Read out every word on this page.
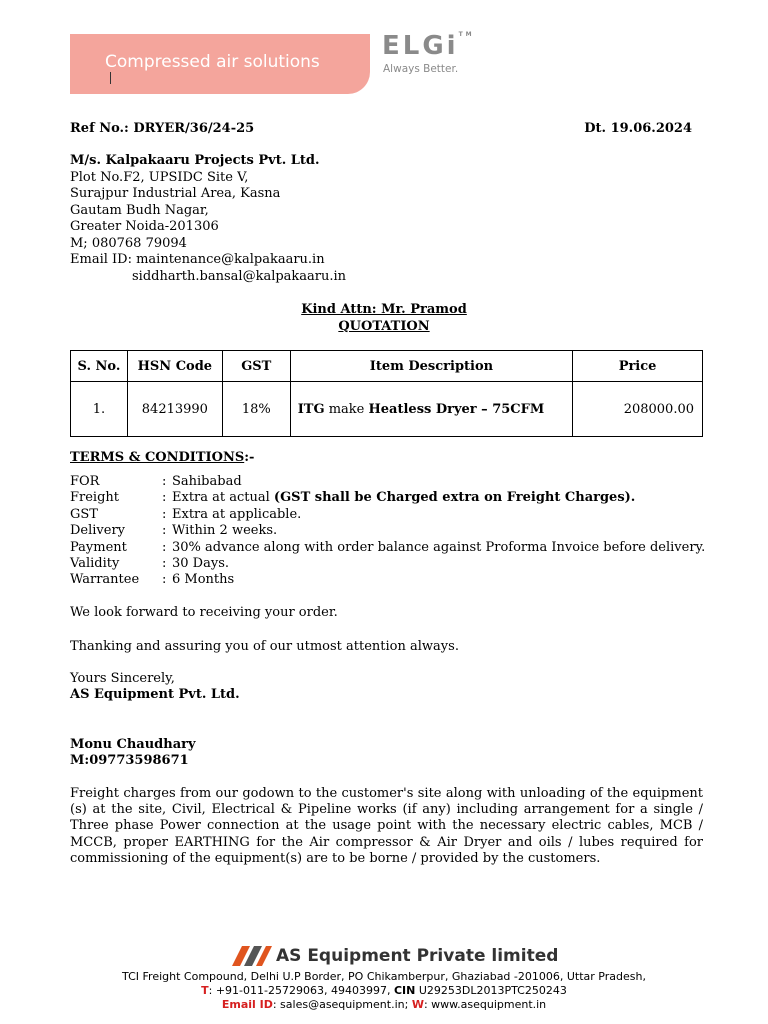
Compressed air solutions
ELGi™
Always Better.
Ref No.: DRYER/36/24-25	Dt. 19.06.2024
M/s. Kalpakaaru Projects Pvt. Ltd.
Plot No.F2, UPSIDC Site V,
Surajpur Industrial Area, Kasna
Gautam Budh Nagar,
Greater Noida-201306
M; 080768 79094
Email ID: maintenance@kalpakaaru.in
siddharth.bansal@kalpakaaru.in
Kind Attn: Mr. Pramod
QUOTATION
S. No.	HSN Code	GST	Item Description	Price
1.	84213990	18%	ITG make Heatless Dryer – 75CFM	208000.00
TERMS & CONDITIONS:-
FOR	: Sahibabad
Freight	: Extra at actual (GST shall be Charged extra on Freight Charges).
GST	: Extra at applicable.
Delivery	: Within 2 weeks.
Payment	: 30% advance along with order balance against Proforma Invoice before delivery.
Validity	: 30 Days.
Warrantee	: 6 Months
We look forward to receiving your order.
Thanking and assuring you of our utmost attention always.
Yours Sincerely,
AS Equipment Pvt. Ltd.
Monu Chaudhary
M:09773598671
Freight charges from our godown to the customer's site along with unloading of the equipment (s) at the site, Civil, Electrical & Pipeline works (if any) including arrangement for a single / Three phase Power connection at the usage point with the necessary electric cables, MCB / MCCB, proper EARTHING for the Air compressor & Air Dryer and oils / lubes required for commissioning of the equipment(s) are to be borne / provided by the customers.
AS Equipment Private limited
TCI Freight Compound, Delhi U.P Border, PO Chikamberpur, Ghaziabad -201006, Uttar Pradesh,
T: +91-011-25729063, 49403997, CIN U29253DL2013PTC250243
Email ID: sales@asequipment.in; W: www.asequipment.in
